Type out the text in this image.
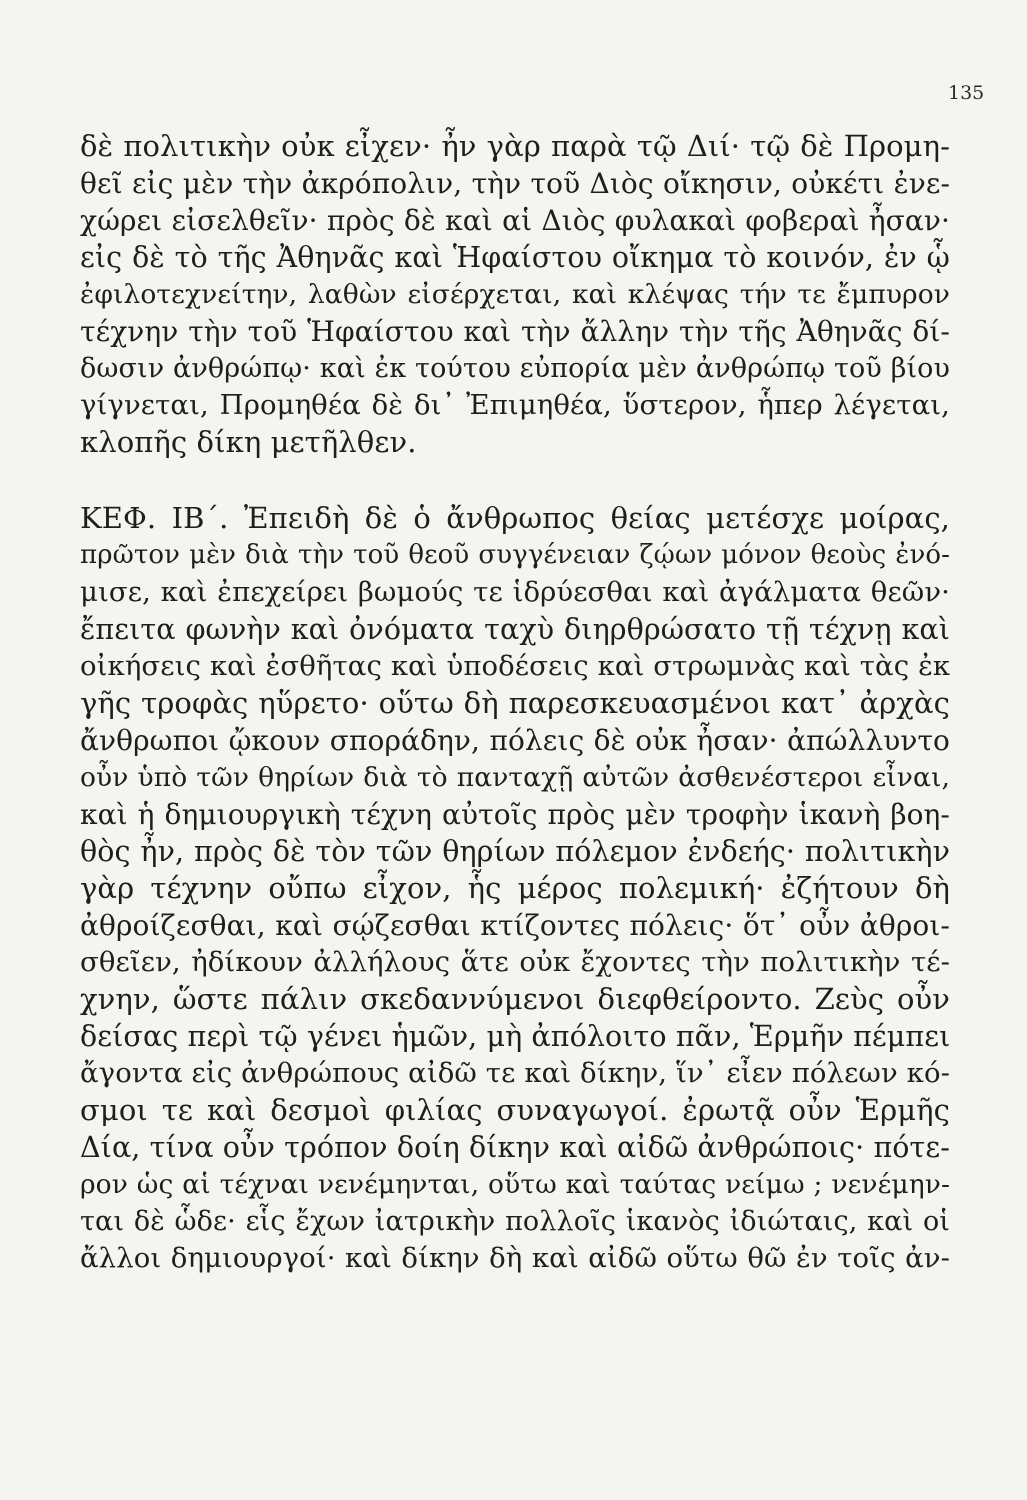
135
δὲ πολιτικὴν οὐκ εἶχεν· ἦν γὰρ παρὰ τῷ Διί· τῷ δὲ Προμη-
θεῖ εἰς μὲν τὴν ἀκρόπολιν, τὴν τοῦ Διὸς οἴκησιν, οὐκέτι ἐνε-
χώρει εἰσελθεῖν· πρὸς δὲ καὶ αἱ Διὸς φυλακαὶ φοβεραὶ ἦσαν·
εἰς δὲ τὸ τῆς Ἀθηνᾶς καὶ Ἡφαίστου οἴκημα τὸ κοινόν, ἐν ᾧ
ἐφιλοτεχνείτην, λαθὼν εἰσέρχεται, καὶ κλέψας τήν τε ἔμπυρον
τέχνην τὴν τοῦ Ἡφαίστου καὶ τὴν ἄλλην τὴν τῆς Ἀθηνᾶς δί-
δωσιν ἀνθρώπῳ· καὶ ἐκ τούτου εὐπορία μὲν ἀνθρώπῳ τοῦ βίου
γίγνεται, Προμηθέα δὲ δι᾽ Ἐπιμηθέα, ὕστερον, ἧπερ λέγεται,
κλοπῆς δίκη μετῆλθεν.
ΚΕΦ. ΙΒ΄. Ἐπειδὴ δὲ ὁ ἄνθρωπος θείας μετέσχε μοίρας,
πρῶτον μὲν διὰ τὴν τοῦ θεοῦ συγγένειαν ζῴων μόνον θεοὺς ἐνό-
μισε, καὶ ἐπεχείρει βωμούς τε ἱδρύεσθαι καὶ ἀγάλματα θεῶν·
ἔπειτα φωνὴν καὶ ὀνόματα ταχὺ διηρθρώσατο τῇ τέχνῃ καὶ
οἰκήσεις καὶ ἐσθῆτας καὶ ὑποδέσεις καὶ στρωμνὰς καὶ τὰς ἐκ
γῆς τροφὰς ηὕρετο· οὕτω δὴ παρεσκευασμένοι κατ᾽ ἀρχὰς
ἄνθρωποι ᾤκουν σποράδην, πόλεις δὲ οὐκ ἦσαν· ἀπώλλυντο
οὖν ὑπὸ τῶν θηρίων διὰ τὸ πανταχῇ αὐτῶν ἀσθενέστεροι εἶναι,
καὶ ἡ δημιουργικὴ τέχνη αὐτοῖς πρὸς μὲν τροφὴν ἱκανὴ βοη-
θὸς ἦν, πρὸς δὲ τὸν τῶν θηρίων πόλεμον ἐνδεής· πολιτικὴν
γὰρ τέχνην οὔπω εἶχον, ἧς μέρος πολεμική· ἐζήτουν δὴ
ἀθροίζεσθαι, καὶ σῴζεσθαι κτίζοντες πόλεις· ὅτ᾽ οὖν ἀθροι-
σθεῖεν, ἠδίκουν ἀλλήλους ἅτε οὐκ ἔχοντες τὴν πολιτικὴν τέ-
χνην, ὥστε πάλιν σκεδαννύμενοι διεφθείροντο. Ζεὺς οὖν
δείσας περὶ τῷ γένει ἡμῶν, μὴ ἀπόλοιτο πᾶν, Ἑρμῆν πέμπει
ἄγοντα εἰς ἀνθρώπους αἰδῶ τε καὶ δίκην, ἵν᾽ εἶεν πόλεων κό-
σμοι τε καὶ δεσμοὶ φιλίας συναγωγοί. ἐρωτᾷ οὖν Ἑρμῆς
Δία, τίνα οὖν τρόπον δοίη δίκην καὶ αἰδῶ ἀνθρώποις· πότε-
ρον ὡς αἱ τέχναι νενέμηνται, οὕτω καὶ ταύτας νείμω ; νενέμην-
ται δὲ ὧδε· εἷς ἔχων ἰατρικὴν πολλοῖς ἱκανὸς ἰδιώταις, καὶ οἱ
ἄλλοι δημιουργοί· καὶ δίκην δὴ καὶ αἰδῶ οὕτω θῶ ἐν τοῖς ἀν-
